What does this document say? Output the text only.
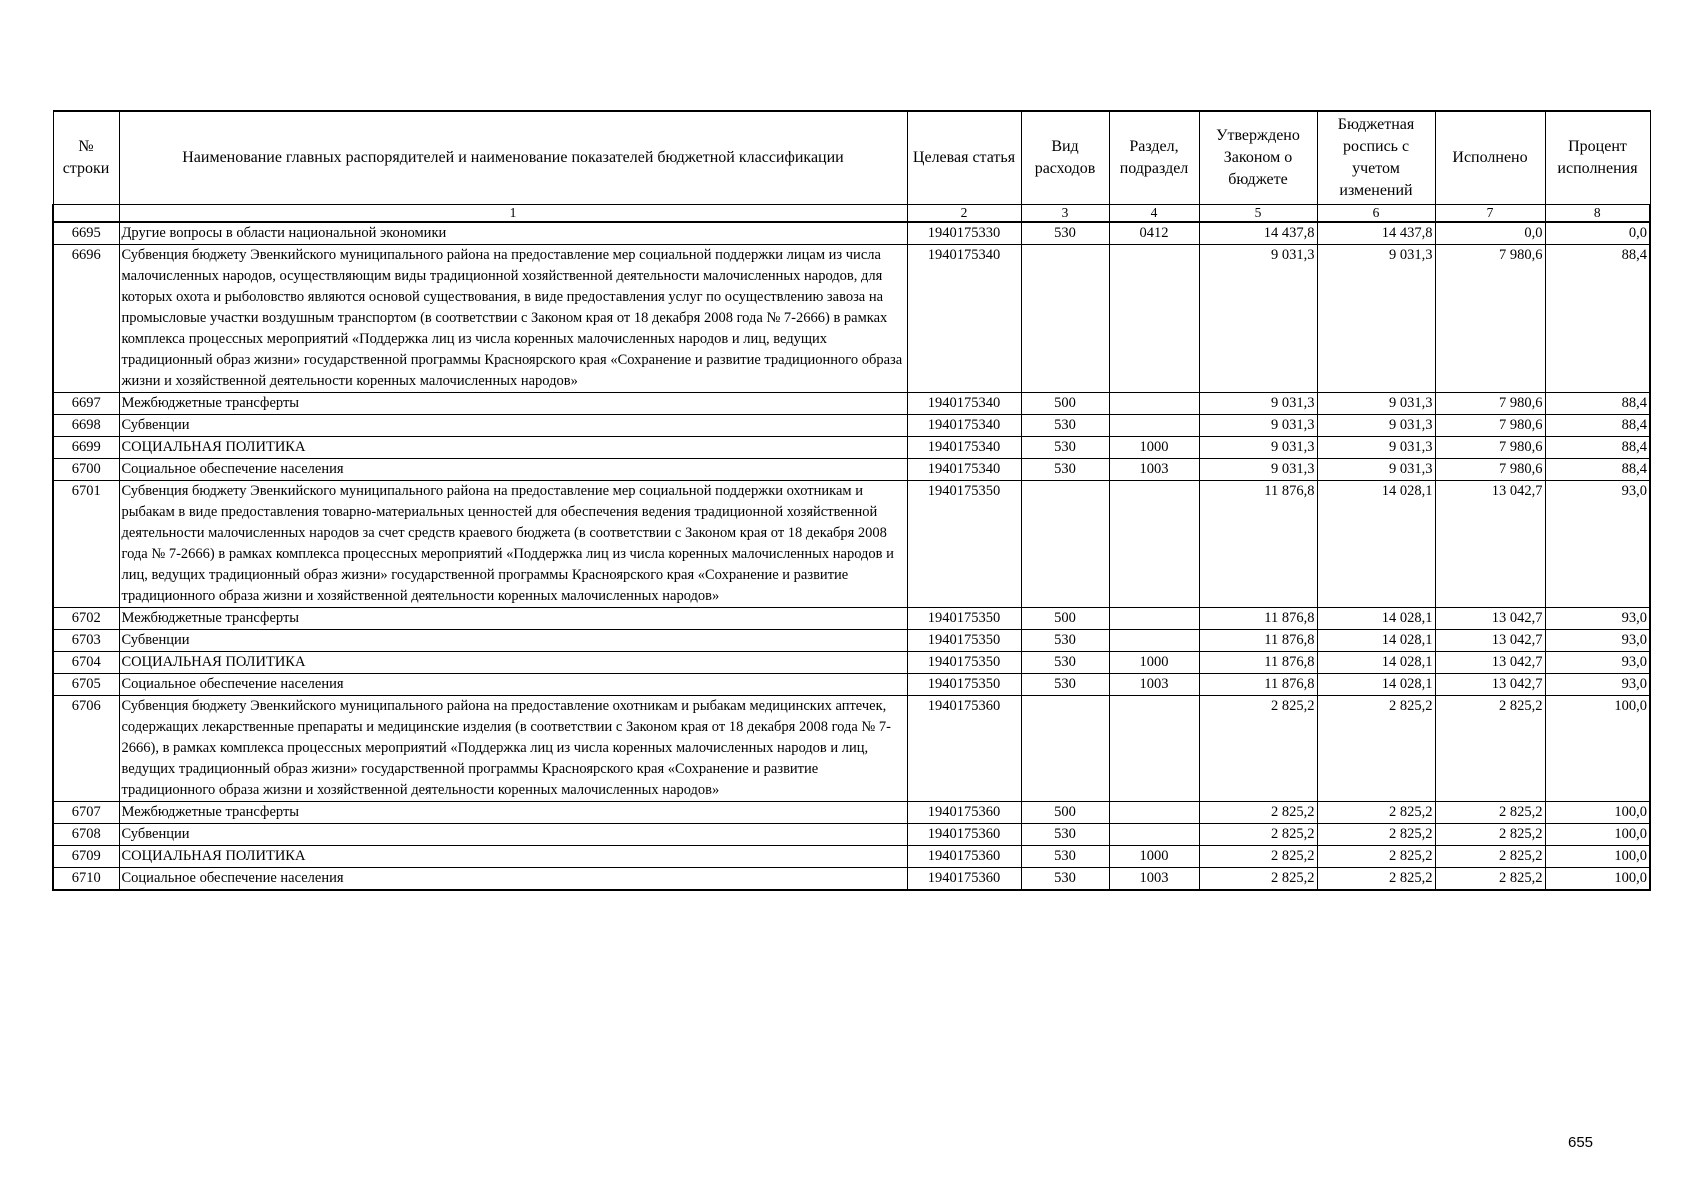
№ строки	Наименование главных распорядителей и наименование показателей бюджетной классификации	Целевая статья	Вид расходов	Раздел, подраздел	Утверждено Законом о бюджете	Бюджетная роспись с учетом изменений	Исполнено	Процент исполнения
	1	2	3	4	5	6	7	8
6695	Другие вопросы в области национальной экономики	1940175330	530	0412	14 437,8	14 437,8	0,0	0,0
6696	Субвенция бюджету Эвенкийского муниципального района на предоставление мер социальной поддержки лицам из числа малочисленных народов, осуществляющим виды традиционной хозяйственной деятельности малочисленных народов, для которых охота и рыболовство являются основой существования, в виде предоставления услуг по осуществлению завоза на промысловые участки воздушным транспортом (в соответствии с Законом края от 18 декабря 2008 года № 7-2666) в рамках комплекса процессных мероприятий «Поддержка лиц из числа коренных малочисленных народов и лиц, ведущих традиционный образ жизни» государственной программы Красноярского края «Сохранение и развитие традиционного образа жизни и хозяйственной деятельности коренных малочисленных народов»	1940175340			9 031,3	9 031,3	7 980,6	88,4
6697	Межбюджетные трансферты	1940175340	500		9 031,3	9 031,3	7 980,6	88,4
6698	Субвенции	1940175340	530		9 031,3	9 031,3	7 980,6	88,4
6699	СОЦИАЛЬНАЯ ПОЛИТИКА	1940175340	530	1000	9 031,3	9 031,3	7 980,6	88,4
6700	Социальное обеспечение населения	1940175340	530	1003	9 031,3	9 031,3	7 980,6	88,4
6701	Субвенция бюджету Эвенкийского муниципального района на предоставление мер социальной поддержки охотникам и рыбакам в виде предоставления товарно-материальных ценностей для обеспечения ведения традиционной хозяйственной деятельности малочисленных народов за счет средств краевого бюджета (в соответствии с Законом края от 18 декабря 2008 года № 7-2666) в рамках комплекса процессных мероприятий «Поддержка лиц из числа коренных малочисленных народов и лиц, ведущих традиционный образ жизни» государственной программы Красноярского края «Сохранение и развитие традиционного образа жизни и хозяйственной деятельности коренных малочисленных народов»	1940175350			11 876,8	14 028,1	13 042,7	93,0
6702	Межбюджетные трансферты	1940175350	500		11 876,8	14 028,1	13 042,7	93,0
6703	Субвенции	1940175350	530		11 876,8	14 028,1	13 042,7	93,0
6704	СОЦИАЛЬНАЯ ПОЛИТИКА	1940175350	530	1000	11 876,8	14 028,1	13 042,7	93,0
6705	Социальное обеспечение населения	1940175350	530	1003	11 876,8	14 028,1	13 042,7	93,0
6706	Субвенция бюджету Эвенкийского муниципального района на предоставление охотникам и рыбакам медицинских аптечек, содержащих лекарственные препараты и медицинские изделия (в соответствии с Законом края от 18 декабря 2008 года № 7-2666), в рамках комплекса процессных мероприятий «Поддержка лиц из числа коренных малочисленных народов и лиц, ведущих традиционный образ жизни» государственной программы Красноярского края «Сохранение и развитие традиционного образа жизни и хозяйственной деятельности коренных малочисленных народов»	1940175360			2 825,2	2 825,2	2 825,2	100,0
6707	Межбюджетные трансферты	1940175360	500		2 825,2	2 825,2	2 825,2	100,0
6708	Субвенции	1940175360	530		2 825,2	2 825,2	2 825,2	100,0
6709	СОЦИАЛЬНАЯ ПОЛИТИКА	1940175360	530	1000	2 825,2	2 825,2	2 825,2	100,0
6710	Социальное обеспечение населения	1940175360	530	1003	2 825,2	2 825,2	2 825,2	100,0
655
